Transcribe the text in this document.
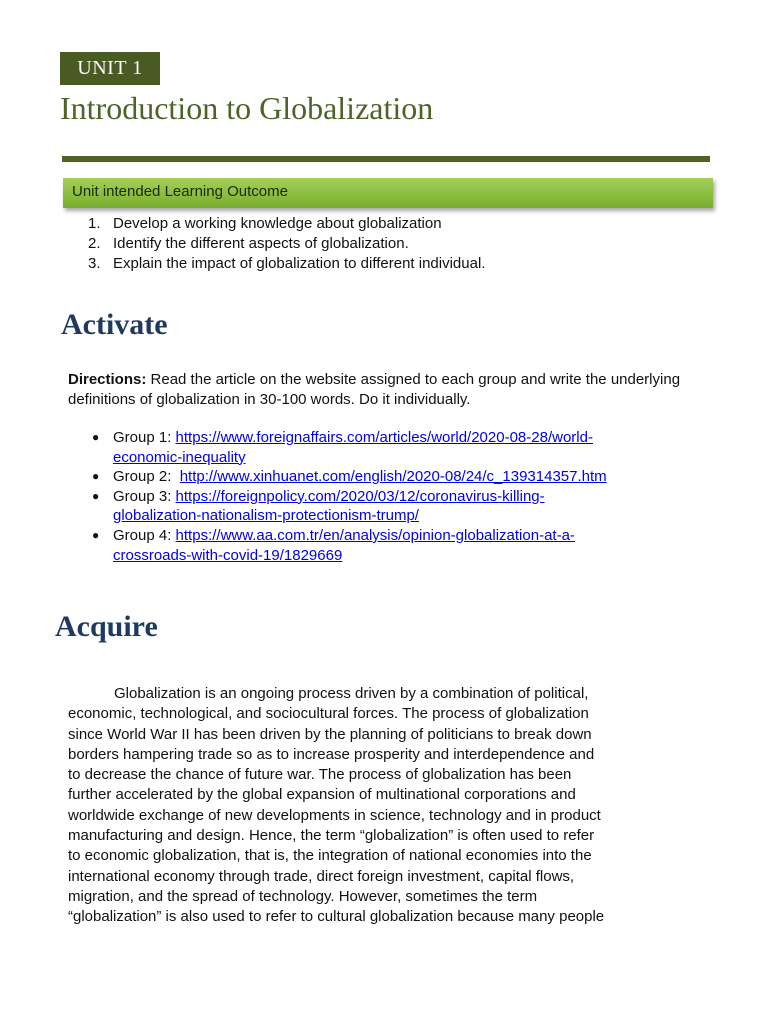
UNIT 1
Introduction to Globalization
Unit intended Learning Outcome
1. Develop a working knowledge about globalization
2. Identify the different aspects of globalization.
3. Explain the impact of globalization to different individual.
Activate

Directions: Read the article on the website assigned to each group and write the underlying definitions of globalization in 30-100 words. Do it individually.

● Group 1: https://www.foreignaffairs.com/articles/world/2020-08-28/world-
economic-inequality
● Group 2:  http://www.xinhuanet.com/english/2020-08/24/c_139314357.htm
● Group 3: https://foreignpolicy.com/2020/03/12/coronavirus-killing-
globalization-nationalism-protectionism-trump/
● Group 4: https://www.aa.com.tr/en/analysis/opinion-globalization-at-a-
crossroads-with-covid-19/1829669
Acquire

Globalization is an ongoing process driven by a combination of political,
economic, technological, and sociocultural forces. The process of globalization
since World War II has been driven by the planning of politicians to break down
borders hampering trade so as to increase prosperity and interdependence and
to decrease the chance of future war. The process of globalization has been
further accelerated by the global expansion of multinational corporations and
worldwide exchange of new developments in science, technology and in product
manufacturing and design. Hence, the term “globalization” is often used to refer
to economic globalization, that is, the integration of national economies into the
international economy through trade, direct foreign investment, capital flows,
migration, and the spread of technology. However, sometimes the term
“globalization” is also used to refer to cultural globalization because many people
